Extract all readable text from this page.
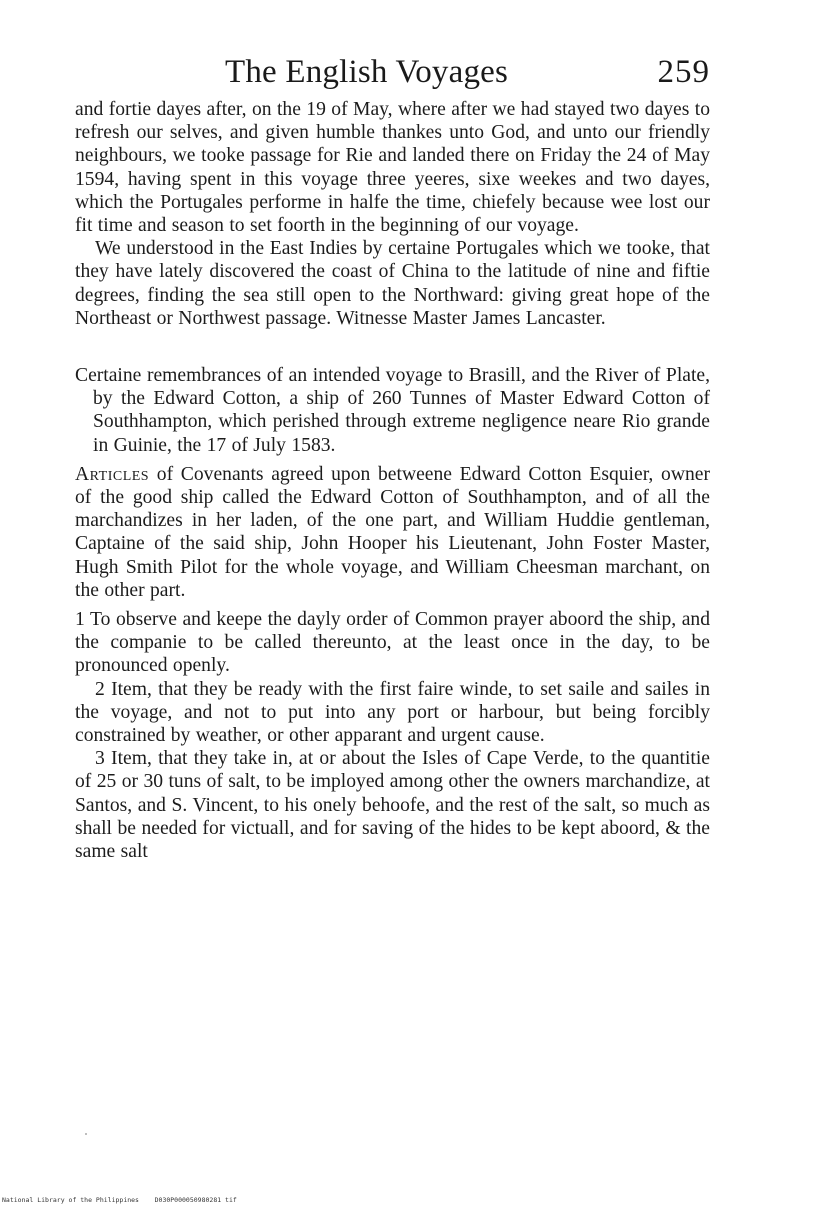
The English Voyages	259

and fortie dayes after, on the 19 of May, where after we had stayed two dayes to refresh our selves, and given humble thankes unto God, and unto our friendly neighbours, we tooke passage for Rie and landed there on Friday the 24 of May 1594, having spent in this voyage three yeeres, sixe weekes and two dayes, which the Portugales performe in halfe the time, chiefely because wee lost our fit time and season to set foorth in the beginning of our voyage.

We understood in the East Indies by certaine Portugales which we tooke, that they have lately discovered the coast of China to the latitude of nine and fiftie degrees, finding the sea still open to the Northward: giving great hope of the Northeast or Northwest passage. Witnesse Master James Lancaster.

Certaine remembrances of an intended voyage to Brasill, and the River of Plate, by the Edward Cotton, a ship of 260 Tunnes of Master Edward Cotton of Southhampton, which perished through extreme negligence neare Rio grande in Guinie, the 17 of July 1583.

Articles of Covenants agreed upon betweene Edward Cotton Esquier, owner of the good ship called the Edward Cotton of Southhampton, and of all the marchandizes in her laden, of the one part, and William Huddie gentleman, Captaine of the said ship, John Hooper his Lieutenant, John Foster Master, Hugh Smith Pilot for the whole voyage, and William Cheesman marchant, on the other part.

1 To observe and keepe the dayly order of Common prayer aboord the ship, and the companie to be called thereunto, at the least once in the day, to be pronounced openly.

2 Item, that they be ready with the first faire winde, to set saile and sailes in the voyage, and not to put into any port or harbour, but being forcibly constrained by weather, or other apparant and urgent cause.

3 Item, that they take in, at or about the Isles of Cape Verde, to the quantitie of 25 or 30 tuns of salt, to be imployed among other the owners marchandize, at Santos, and S. Vincent, to his onely behoofe, and the rest of the salt, so much as shall be needed for victuall, and for saving of the hides to be kept aboord, & the same salt

National Library of the Philippines    D030P000050980281 tif
